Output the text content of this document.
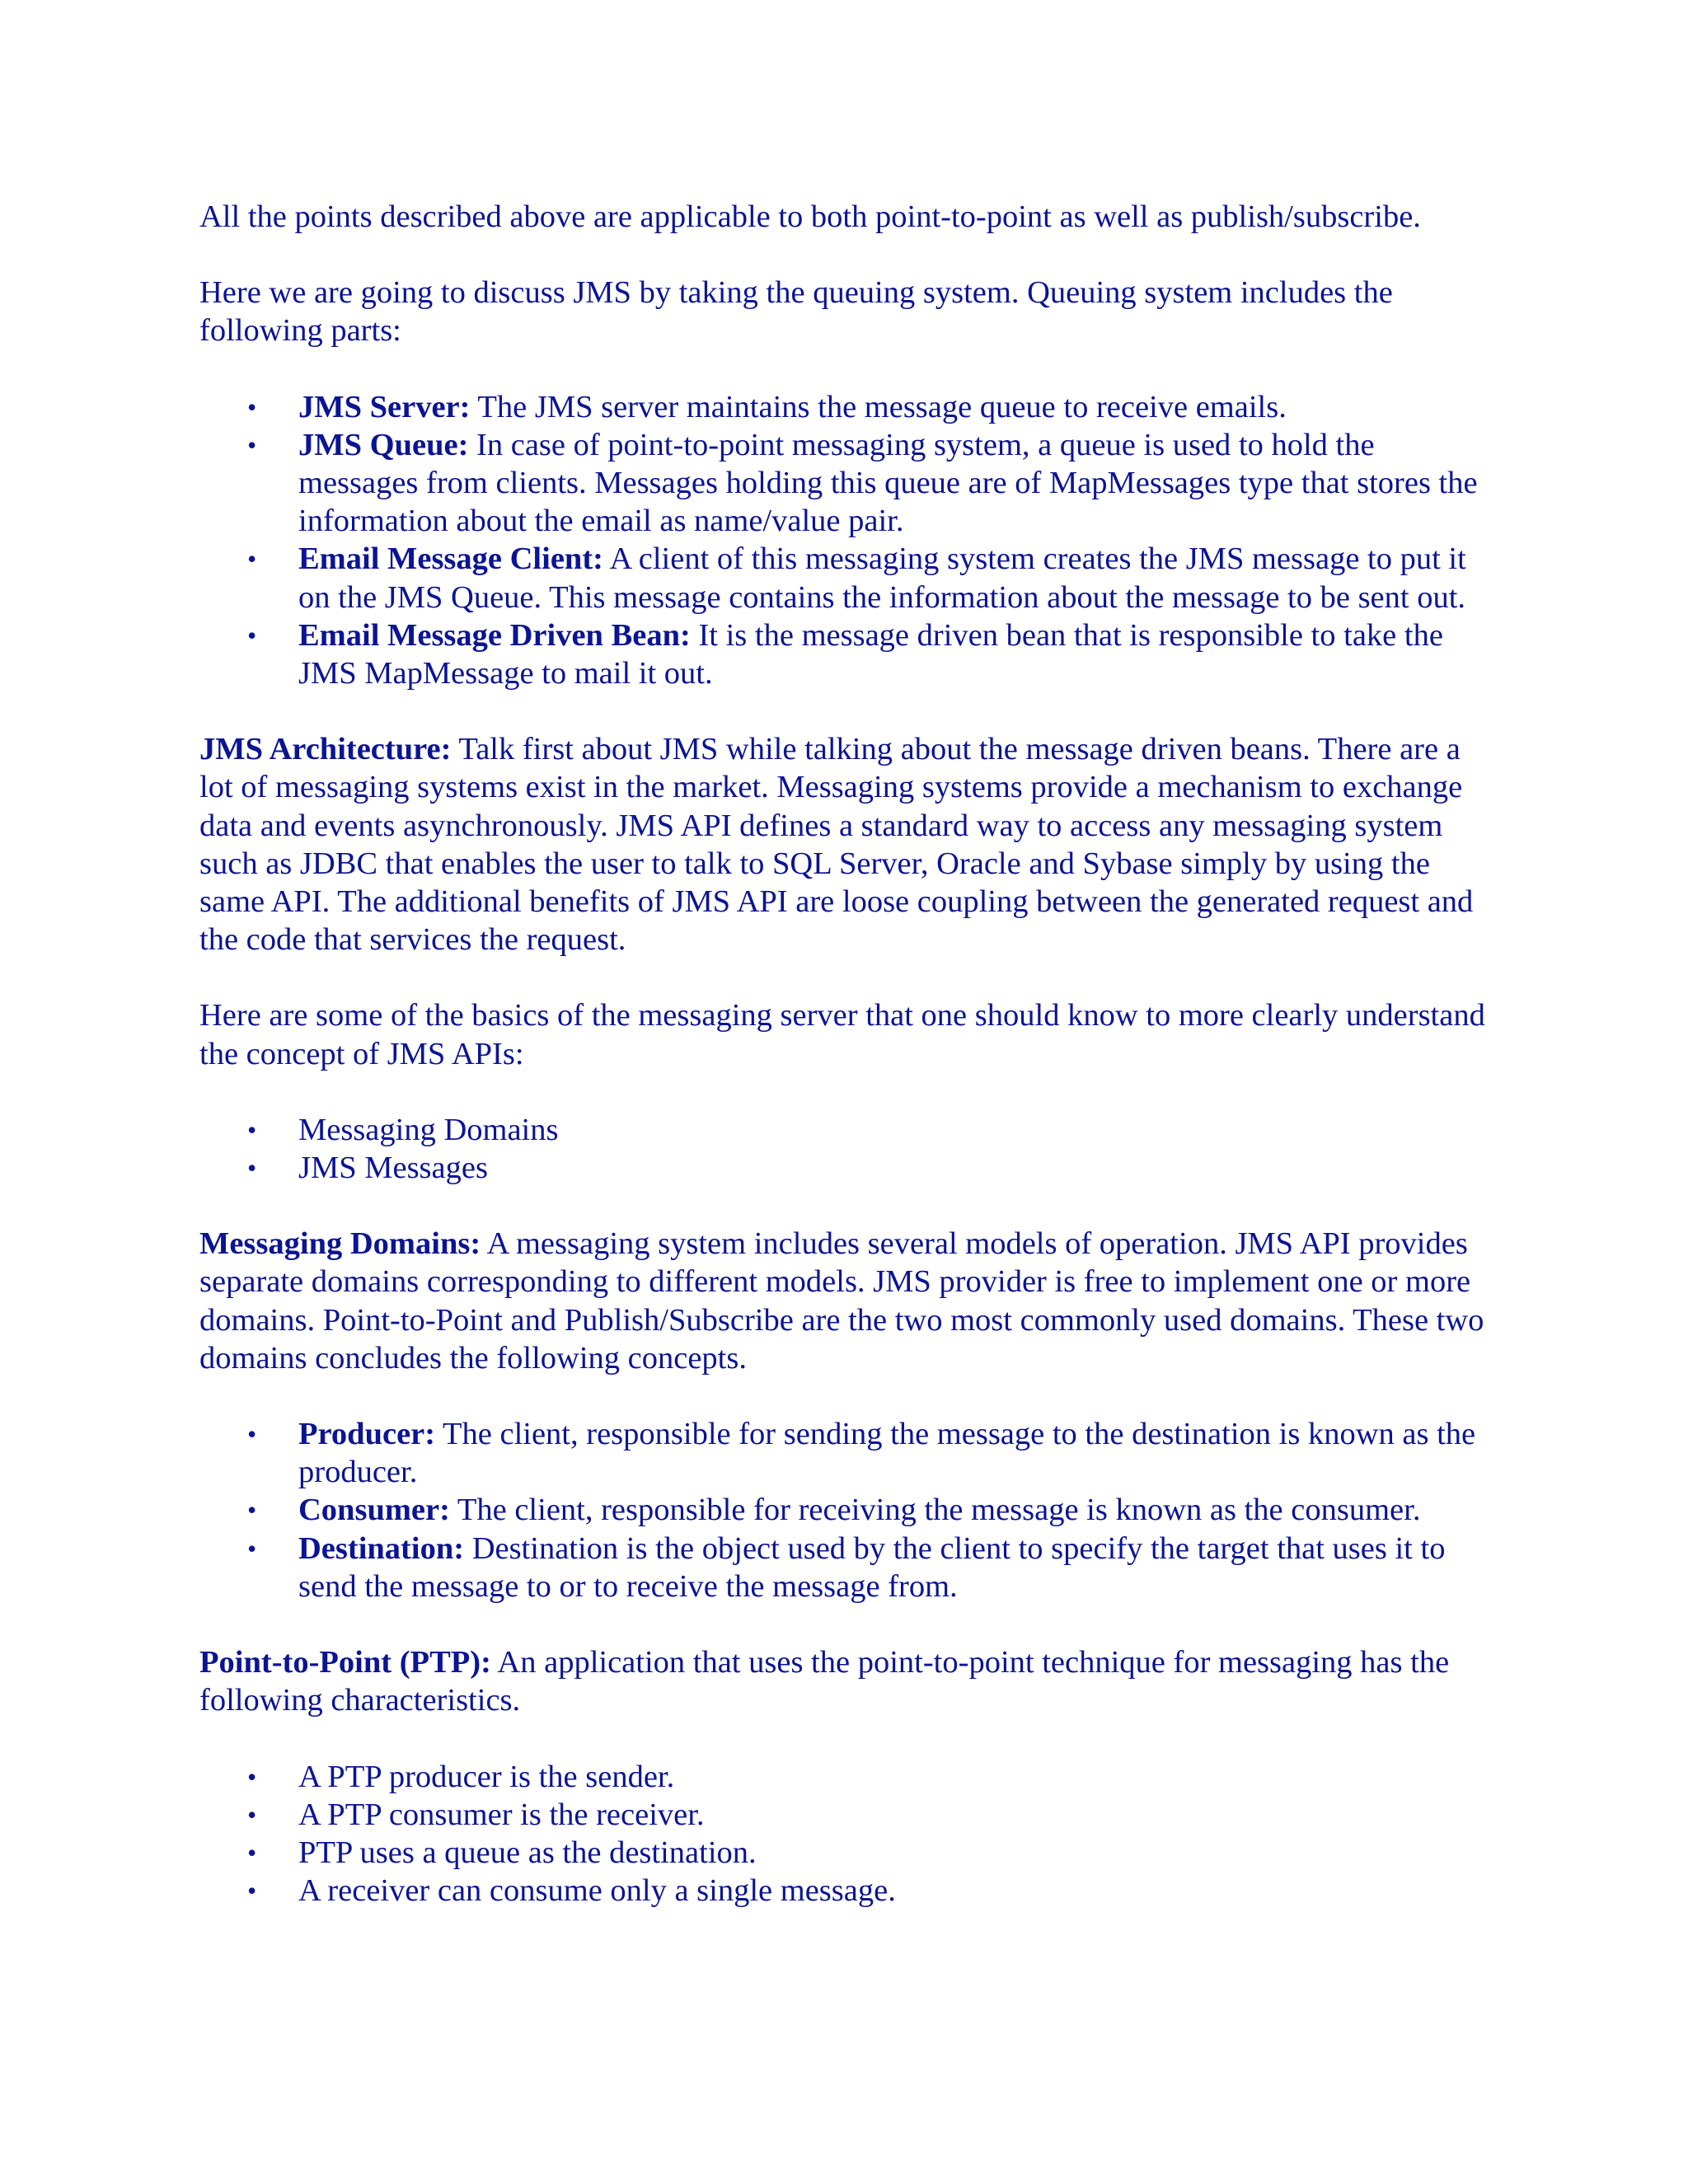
All the points described above are applicable to both point-to-point as well as publish/subscribe.

Here we are going to discuss JMS by taking the queuing system. Queuing system includes the following parts:

• JMS Server: The JMS server maintains the message queue to receive emails.
• JMS Queue: In case of point-to-point messaging system, a queue is used to hold the messages from clients. Messages holding this queue are of MapMessages type that stores the information about the email as name/value pair.
• Email Message Client: A client of this messaging system creates the JMS message to put it on the JMS Queue. This message contains the information about the message to be sent out.
• Email Message Driven Bean: It is the message driven bean that is responsible to take the JMS MapMessage to mail it out.

JMS Architecture: Talk first about JMS while talking about the message driven beans. There are a lot of messaging systems exist in the market. Messaging systems provide a mechanism to exchange data and events asynchronously. JMS API defines a standard way to access any messaging system such as JDBC that enables the user to talk to SQL Server, Oracle and Sybase simply by using the same API. The additional benefits of JMS API are loose coupling between the generated request and the code that services the request.

Here are some of the basics of the messaging server that one should know to more clearly understand the concept of JMS APIs:

• Messaging Domains
• JMS Messages

Messaging Domains: A messaging system includes several models of operation. JMS API provides separate domains corresponding to different models. JMS provider is free to implement one or more domains. Point-to-Point and Publish/Subscribe are the two most commonly used domains. These two domains concludes the following concepts.

• Producer: The client, responsible for sending the message to the destination is known as the producer.
• Consumer: The client, responsible for receiving the message is known as the consumer.
• Destination: Destination is the object used by the client to specify the target that uses it to send the message to or to receive the message from.

Point-to-Point (PTP): An application that uses the point-to-point technique for messaging has the following characteristics.

• A PTP producer is the sender.
• A PTP consumer is the receiver.
• PTP uses a queue as the destination.
• A receiver can consume only a single message.
